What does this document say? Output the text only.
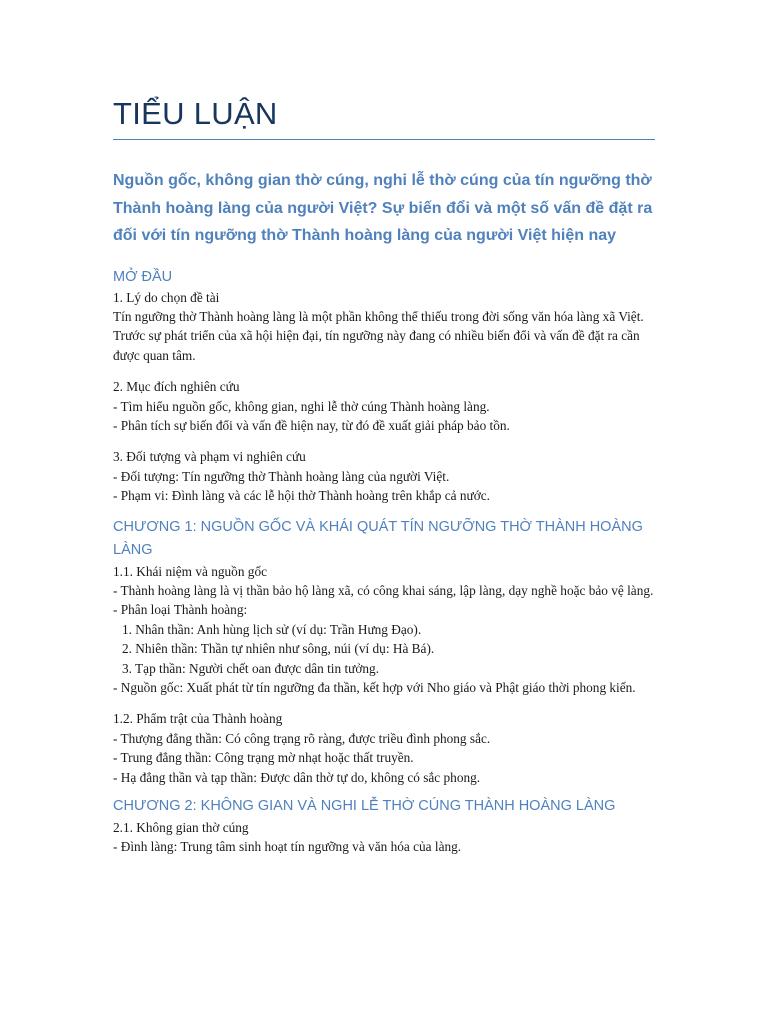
TIỂU LUẬN

Nguồn gốc, không gian thờ cúng, nghi lễ thờ cúng của tín ngưỡng thờ Thành hoàng làng của người Việt? Sự biến đổi và một số vấn đề đặt ra đối với tín ngưỡng thờ Thành hoàng làng của người Việt hiện nay

MỞ ĐẦU

1. Lý do chọn đề tài

Tín ngưỡng thờ Thành hoàng làng là một phần không thể thiếu trong đời sống văn hóa làng xã Việt. Trước sự phát triển của xã hội hiện đại, tín ngưỡng này đang có nhiều biến đổi và vấn đề đặt ra cần được quan tâm.

2. Mục đích nghiên cứu

- Tìm hiểu nguồn gốc, không gian, nghi lễ thờ cúng Thành hoàng làng.

- Phân tích sự biến đổi và vấn đề hiện nay, từ đó đề xuất giải pháp bảo tồn.

3. Đối tượng và phạm vi nghiên cứu

- Đối tượng: Tín ngưỡng thờ Thành hoàng làng của người Việt.

- Phạm vi: Đình làng và các lễ hội thờ Thành hoàng trên khắp cả nước.

CHƯƠNG 1: NGUỒN GỐC VÀ KHÁI QUÁT TÍN NGƯỠNG THỜ THÀNH HOÀNG LÀNG

1.1. Khái niệm và nguồn gốc

- Thành hoàng làng là vị thần bảo hộ làng xã, có công khai sáng, lập làng, dạy nghề hoặc bảo vệ làng.

- Phân loại Thành hoàng:

1. Nhân thần: Anh hùng lịch sử (ví dụ: Trần Hưng Đạo).

2. Nhiên thần: Thần tự nhiên như sông, núi (ví dụ: Hà Bá).

3. Tạp thần: Người chết oan được dân tin tưởng.

- Nguồn gốc: Xuất phát từ tín ngưỡng đa thần, kết hợp với Nho giáo và Phật giáo thời phong kiến.

1.2. Phẩm trật của Thành hoàng

- Thượng đẳng thần: Có công trạng rõ ràng, được triều đình phong sắc.

- Trung đẳng thần: Công trạng mờ nhạt hoặc thất truyền.

- Hạ đẳng thần và tạp thần: Được dân thờ tự do, không có sắc phong.

CHƯƠNG 2: KHÔNG GIAN VÀ NGHI LỄ THỜ CÚNG THÀNH HOÀNG LÀNG

2.1. Không gian thờ cúng

- Đình làng: Trung tâm sinh hoạt tín ngưỡng và văn hóa của làng.
